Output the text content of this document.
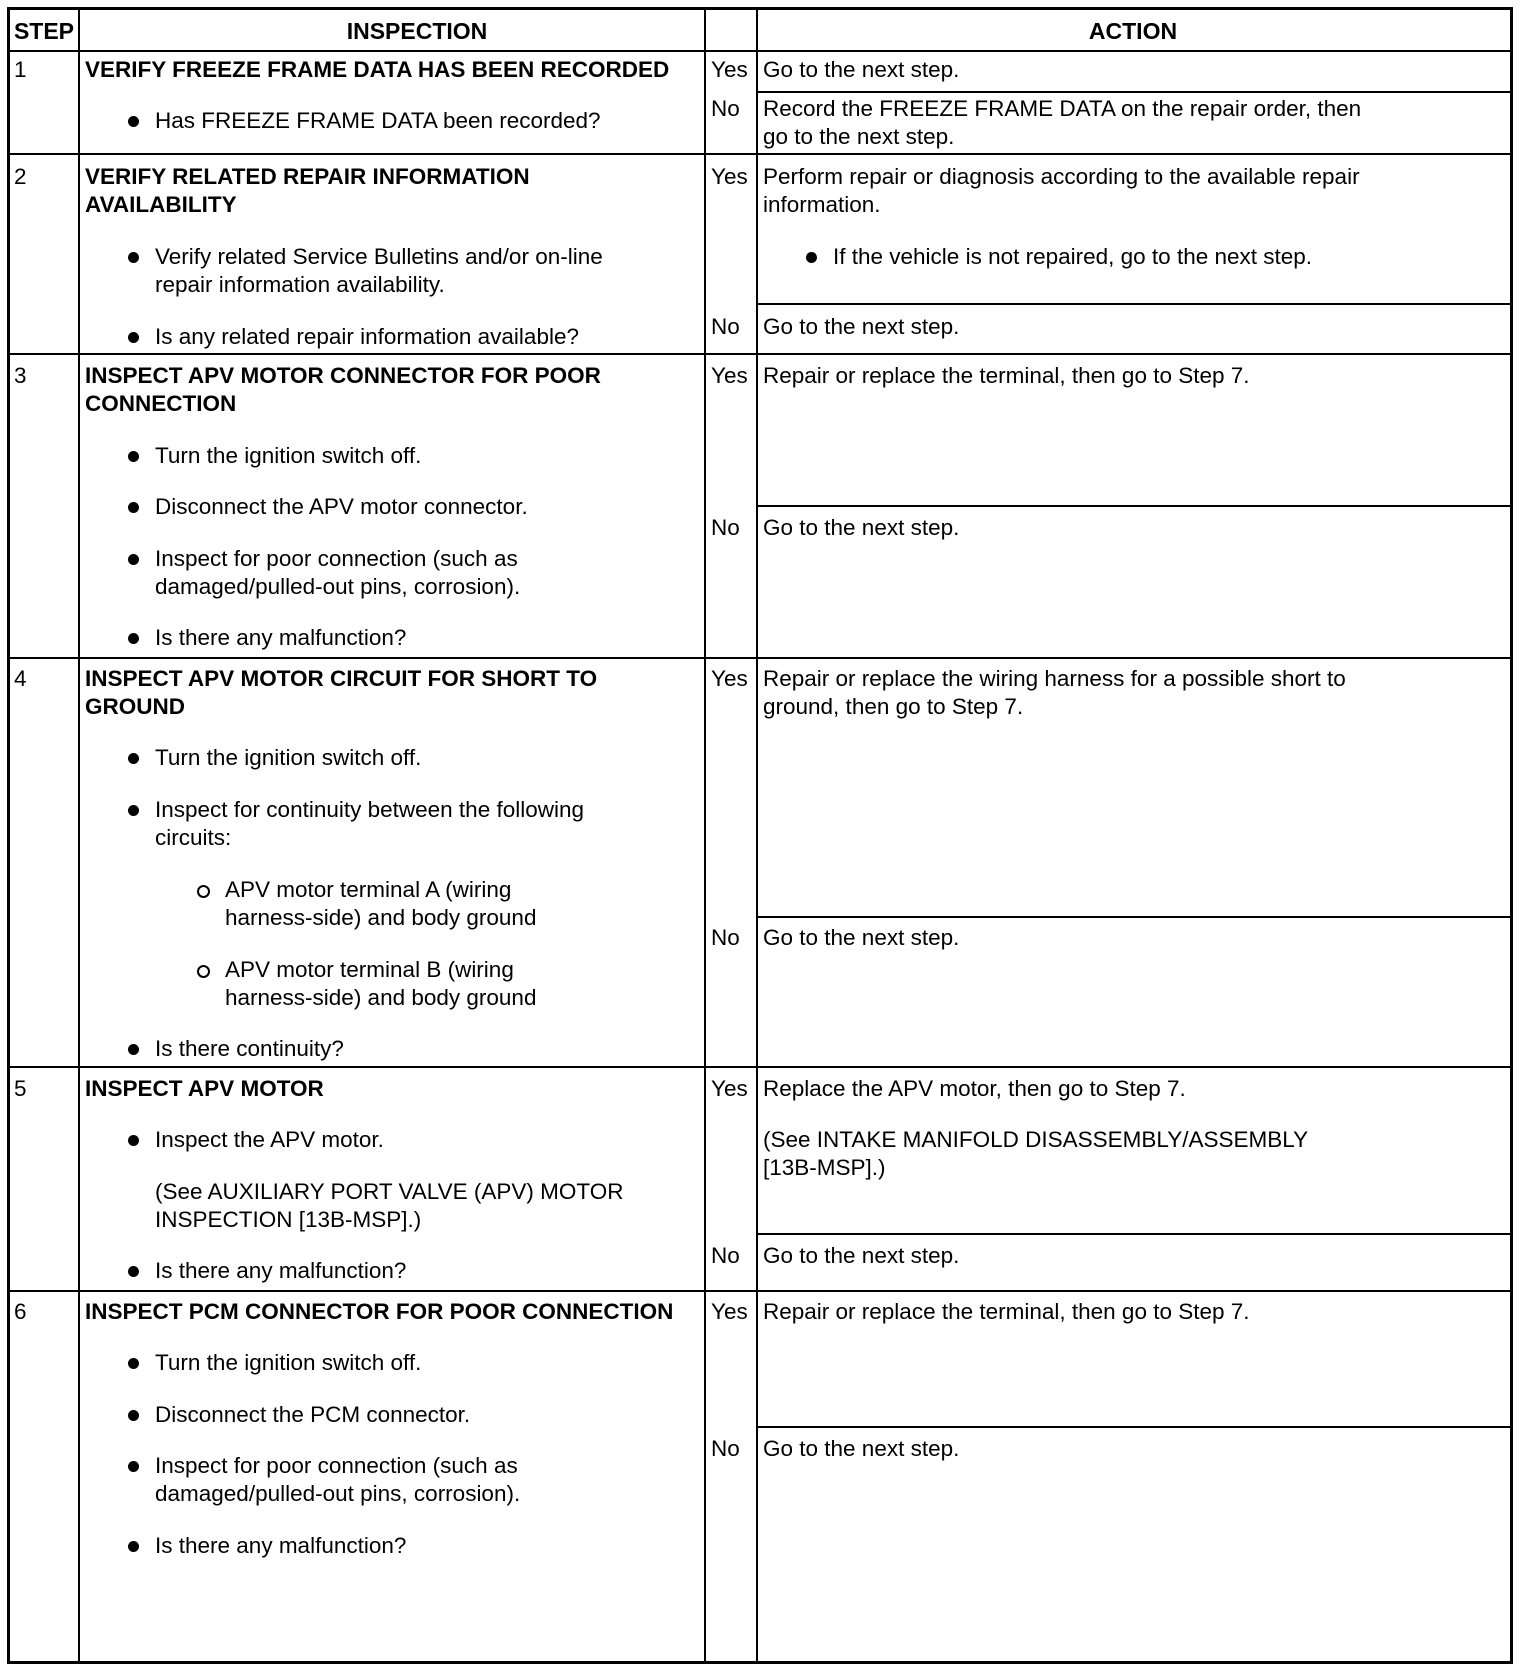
STEP	INSPECTION	ACTION
1	VERIFY FREEZE FRAME DATA HAS BEEN RECORDED
Has FREEZE FRAME DATA been recorded?
Yes Go to the next step.
No Record the FREEZE FRAME DATA on the repair order, then
go to the next step.
2	VERIFY RELATED REPAIR INFORMATION
AVAILABILITY
Verify related Service Bulletins and/or on-line
repair information availability.
Is any related repair information available?
Yes Perform repair or diagnosis according to the available repair
information.
If the vehicle is not repaired, go to the next step.
No Go to the next step.
3	INSPECT APV MOTOR CONNECTOR FOR POOR
CONNECTION
Turn the ignition switch off.
Disconnect the APV motor connector.
Inspect for poor connection (such as
damaged/pulled-out pins, corrosion).
Is there any malfunction?
Yes Repair or replace the terminal, then go to Step 7.
No Go to the next step.
4	INSPECT APV MOTOR CIRCUIT FOR SHORT TO
GROUND
Turn the ignition switch off.
Inspect for continuity between the following
circuits:
APV motor terminal A (wiring
harness-side) and body ground
APV motor terminal B (wiring
harness-side) and body ground
Is there continuity?
Yes Repair or replace the wiring harness for a possible short to
ground, then go to Step 7.
No Go to the next step.
5	INSPECT APV MOTOR
Inspect the APV motor.
(See AUXILIARY PORT VALVE (APV) MOTOR
INSPECTION [13B-MSP].)
Is there any malfunction?
Yes Replace the APV motor, then go to Step 7.
(See INTAKE MANIFOLD DISASSEMBLY/ASSEMBLY
[13B-MSP].)
No Go to the next step.
6	INSPECT PCM CONNECTOR FOR POOR CONNECTION
Turn the ignition switch off.
Disconnect the PCM connector.
Inspect for poor connection (such as
damaged/pulled-out pins, corrosion).
Is there any malfunction?
Yes Repair or replace the terminal, then go to Step 7.
No Go to the next step.
